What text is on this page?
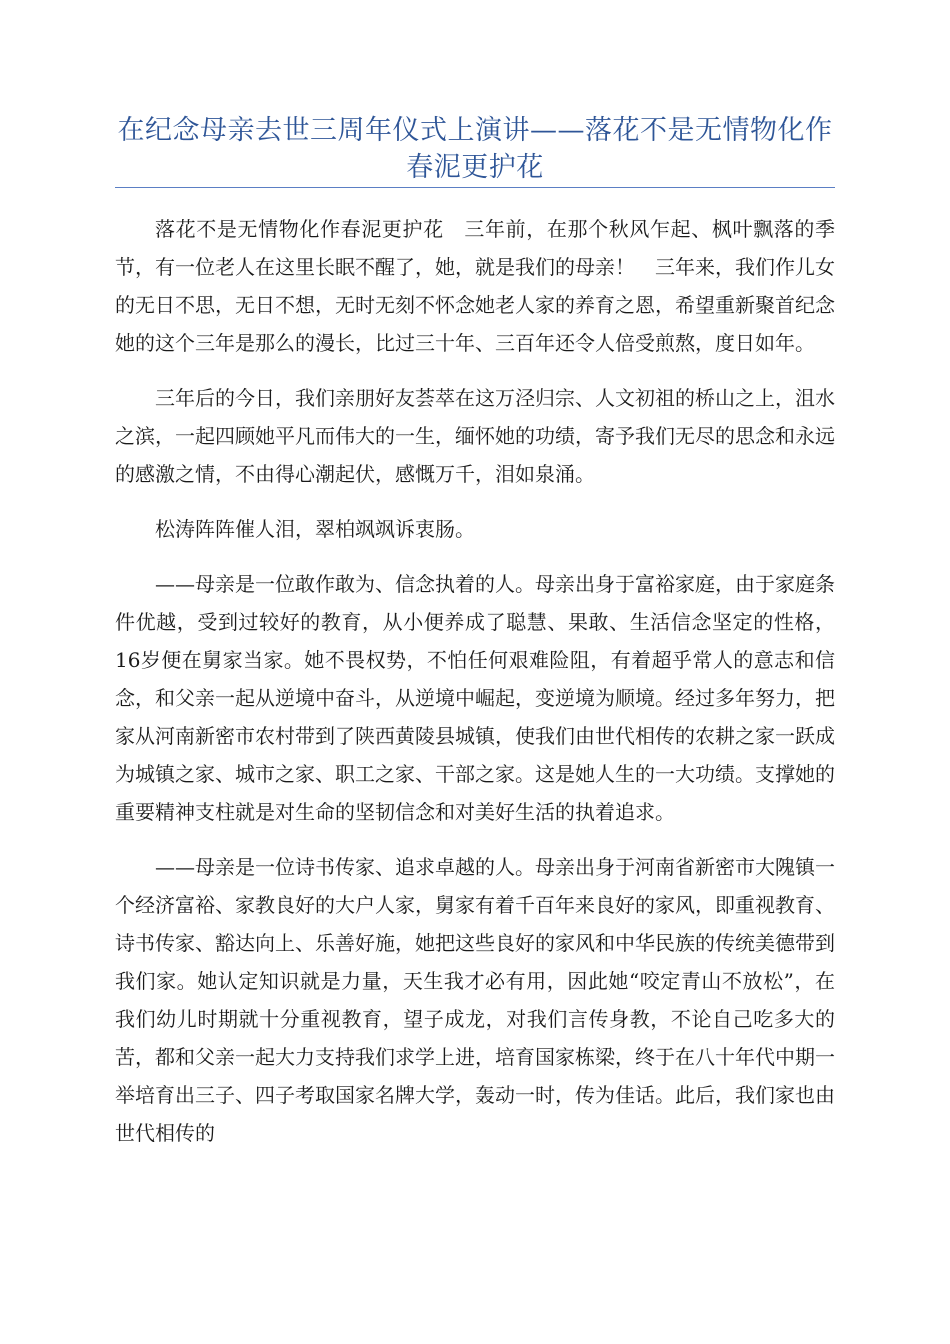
在纪念母亲去世三周年仪式上演讲——落花不是无情物化作春泥更护花

落花不是无情物化作春泥更护花　三年前，在那个秋风乍起、枫叶飘落的季节，有一位老人在这里长眠不醒了，她，就是我们的母亲！　三年来，我们作儿女的无日不思，无日不想，无时无刻不怀念她老人家的养育之恩，希望重新聚首纪念她的这个三年是那么的漫长，比过三十年、三百年还令人倍受煎熬，度日如年。

三年后的今日，我们亲朋好友荟萃在这万泾归宗、人文初祖的桥山之上，沮水之滨，一起四顾她平凡而伟大的一生，缅怀她的功绩，寄予我们无尽的思念和永远的感激之情，不由得心潮起伏，感慨万千，泪如泉涌。

松涛阵阵催人泪，翠柏飒飒诉衷肠。

——母亲是一位敢作敢为、信念执着的人。母亲出身于富裕家庭，由于家庭条件优越，受到过较好的教育，从小便养成了聪慧、果敢、生活信念坚定的性格，16岁便在舅家当家。她不畏权势，不怕任何艰难险阻，有着超乎常人的意志和信念，和父亲一起从逆境中奋斗，从逆境中崛起，变逆境为顺境。经过多年努力，把家从河南新密市农村带到了陕西黄陵县城镇，使我们由世代相传的农耕之家一跃成为城镇之家、城市之家、职工之家、干部之家。这是她人生的一大功绩。支撑她的重要精神支柱就是对生命的坚韧信念和对美好生活的执着追求。

——母亲是一位诗书传家、追求卓越的人。母亲出身于河南省新密市大隗镇一个经济富裕、家教良好的大户人家，舅家有着千百年来良好的家风，即重视教育、诗书传家、豁达向上、乐善好施，她把这些良好的家风和中华民族的传统美德带到我们家。她认定知识就是力量，天生我才必有用，因此她“咬定青山不放松”，在我们幼儿时期就十分重视教育，望子成龙，对我们言传身教，不论自己吃多大的苦，都和父亲一起大力支持我们求学上进，培育国家栋梁，终于在八十年代中期一举培育出三子、四子考取国家名牌大学，轰动一时，传为佳话。此后，我们家也由世代相传的
